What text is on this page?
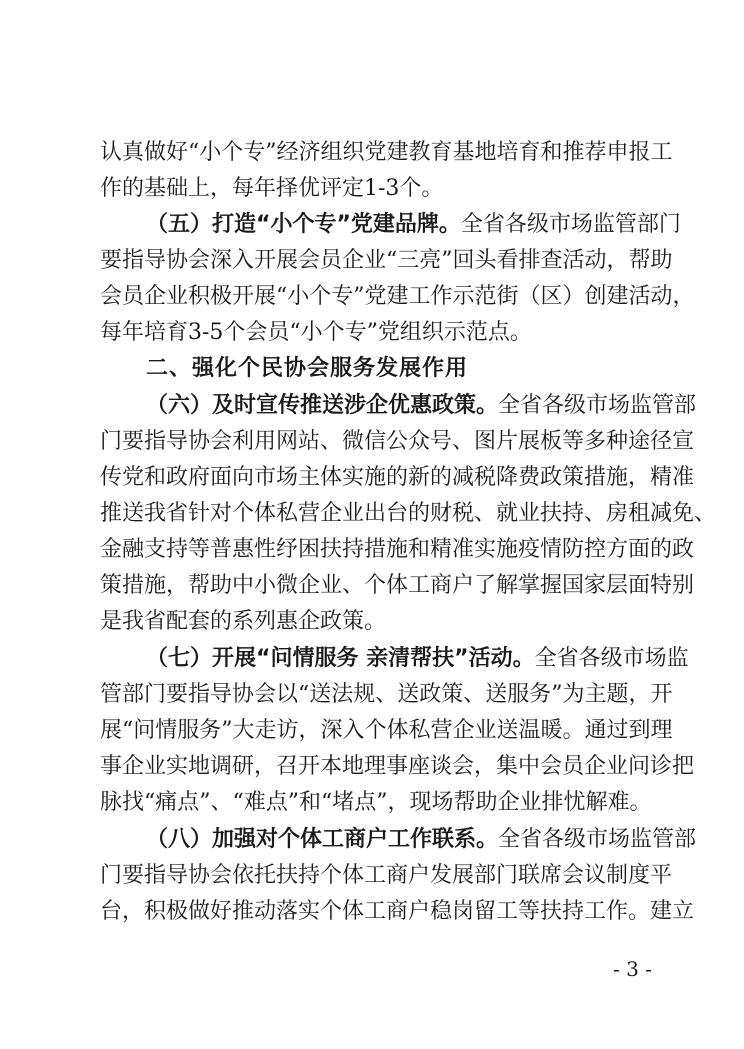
认真做好“小个专”经济组织党建教育基地培育和推荐申报工
作的基础上，每年择优评定1-3个。
（五）打造“小个专”党建品牌。全省各级市场监管部门
要指导协会深入开展会员企业“三亮”回头看排查活动，帮助
会员企业积极开展“小个专”党建工作示范街（区）创建活动，
每年培育3-5个会员“小个专”党组织示范点。
二、强化个民协会服务发展作用
（六）及时宣传推送涉企优惠政策。全省各级市场监管部
门要指导协会利用网站、微信公众号、图片展板等多种途径宣
传党和政府面向市场主体实施的新的减税降费政策措施，精准
推送我省针对个体私营企业出台的财税、就业扶持、房租减免、
金融支持等普惠性纾困扶持措施和精准实施疫情防控方面的政
策措施，帮助中小微企业、个体工商户了解掌握国家层面特别
是我省配套的系列惠企政策。
（七）开展“问情服务 亲清帮扶”活动。全省各级市场监
管部门要指导协会以“送法规、送政策、送服务”为主题，开
展“问情服务”大走访，深入个体私营企业送温暖。通过到理
事企业实地调研，召开本地理事座谈会，集中会员企业问诊把
脉找“痛点”、“难点”和“堵点”，现场帮助企业排忧解难。
（八）加强对个体工商户工作联系。全省各级市场监管部
门要指导协会依托扶持个体工商户发展部门联席会议制度平
台，积极做好推动落实个体工商户稳岗留工等扶持工作。建立
- 3 -
